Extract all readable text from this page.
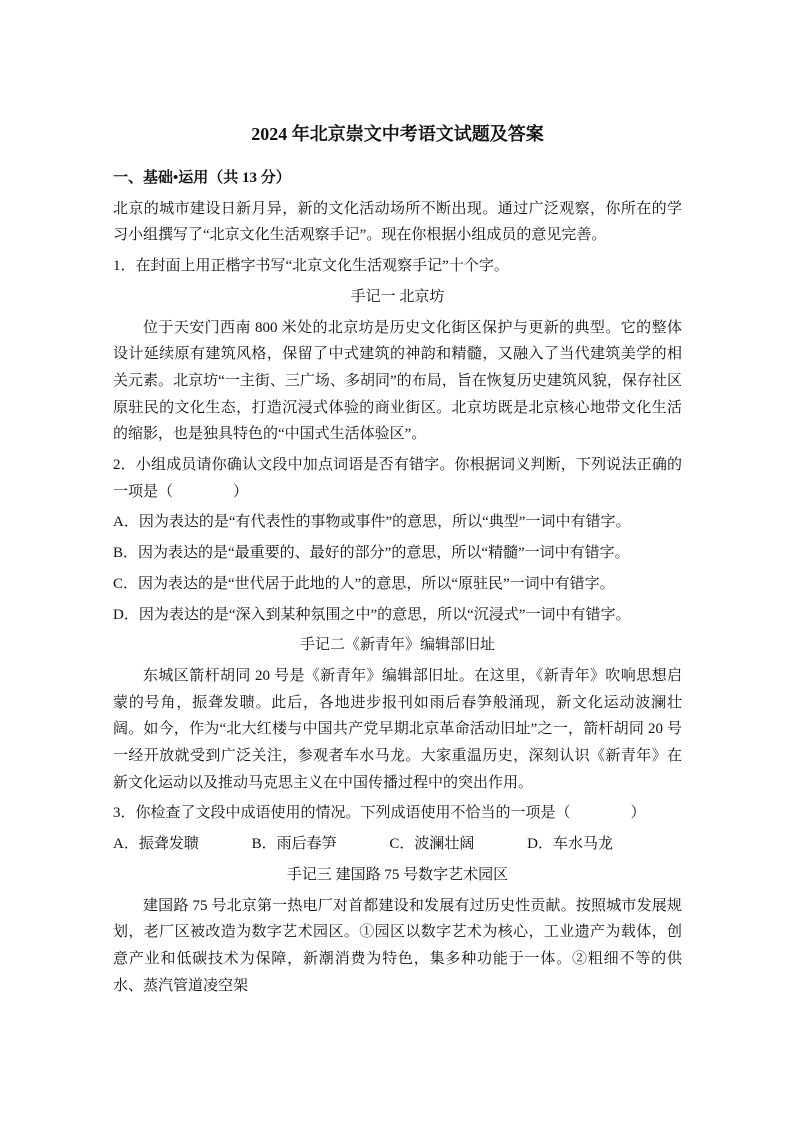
2024 年北京崇文中考语文试题及答案
一、基础•运用（共 13 分）

北京的城市建设日新月异，新的文化活动场所不断出现。通过广泛观察，你所在的学习小组撰写了“北京文化生活观察手记”。现在你根据小组成员的意见完善。

1．在封面上用正楷字书写“北京文化生活观察手记”十个字。

手记一 北京坊

位于天安门西南 800 米处的北京坊是历史文化街区保护与更新的典型。它的整体设计延续原有建筑风格，保留了中式建筑的神韵和精髓，又融入了当代建筑美学的相关元素。北京坊“一主街、三广场、多胡同”的布局，旨在恢复历史建筑风貌，保存社区原驻民的文化生态，打造沉浸式体验的商业街区。北京坊既是北京核心地带文化生活的缩影，也是独具特色的“中国式生活体验区”。

2．小组成员请你确认文段中加点词语是否有错字。你根据词义判断，下列说法正确的一项是（　　　　）

A．因为表达的是“有代表性的事物或事件”的意思，所以“典型”一词中有错字。

B．因为表达的是“最重要的、最好的部分”的意思，所以“精髓”一词中有错字。

C．因为表达的是“世代居于此地的人”的意思，所以“原驻民”一词中有错字。

D．因为表达的是“深入到某种氛围之中”的意思，所以“沉浸式”一词中有错字。

手记二《新青年》编辑部旧址

东城区箭杆胡同 20 号是《新青年》编辑部旧址。在这里，《新青年》吹响思想启蒙的号角，振聋发聩。此后，各地进步报刊如雨后春笋般涌现，新文化运动波澜壮阔。如今，作为“北大红楼与中国共产党早期北京革命活动旧址”之一，箭杆胡同 20 号一经开放就受到广泛关注，参观者车水马龙。大家重温历史，深刻认识《新青年》在新文化运动以及推动马克思主义在中国传播过程中的突出作用。

3．你检查了文段中成语使用的情况。下列成语使用不恰当的一项是（　　　　）

A．振聋发聩	B．雨后春笋	C．波澜壮阔	D．车水马龙

手记三 建国路 75 号数字艺术园区

建国路 75 号北京第一热电厂对首都建设和发展有过历史性贡献。按照城市发展规划，老厂区被改造为数字艺术园区。①园区以数字艺术为核心，工业遗产为载体，创意产业和低碳技术为保障，新潮消费为特色，集多种功能于一体。②粗细不等的供水、蒸汽管道凌空架
